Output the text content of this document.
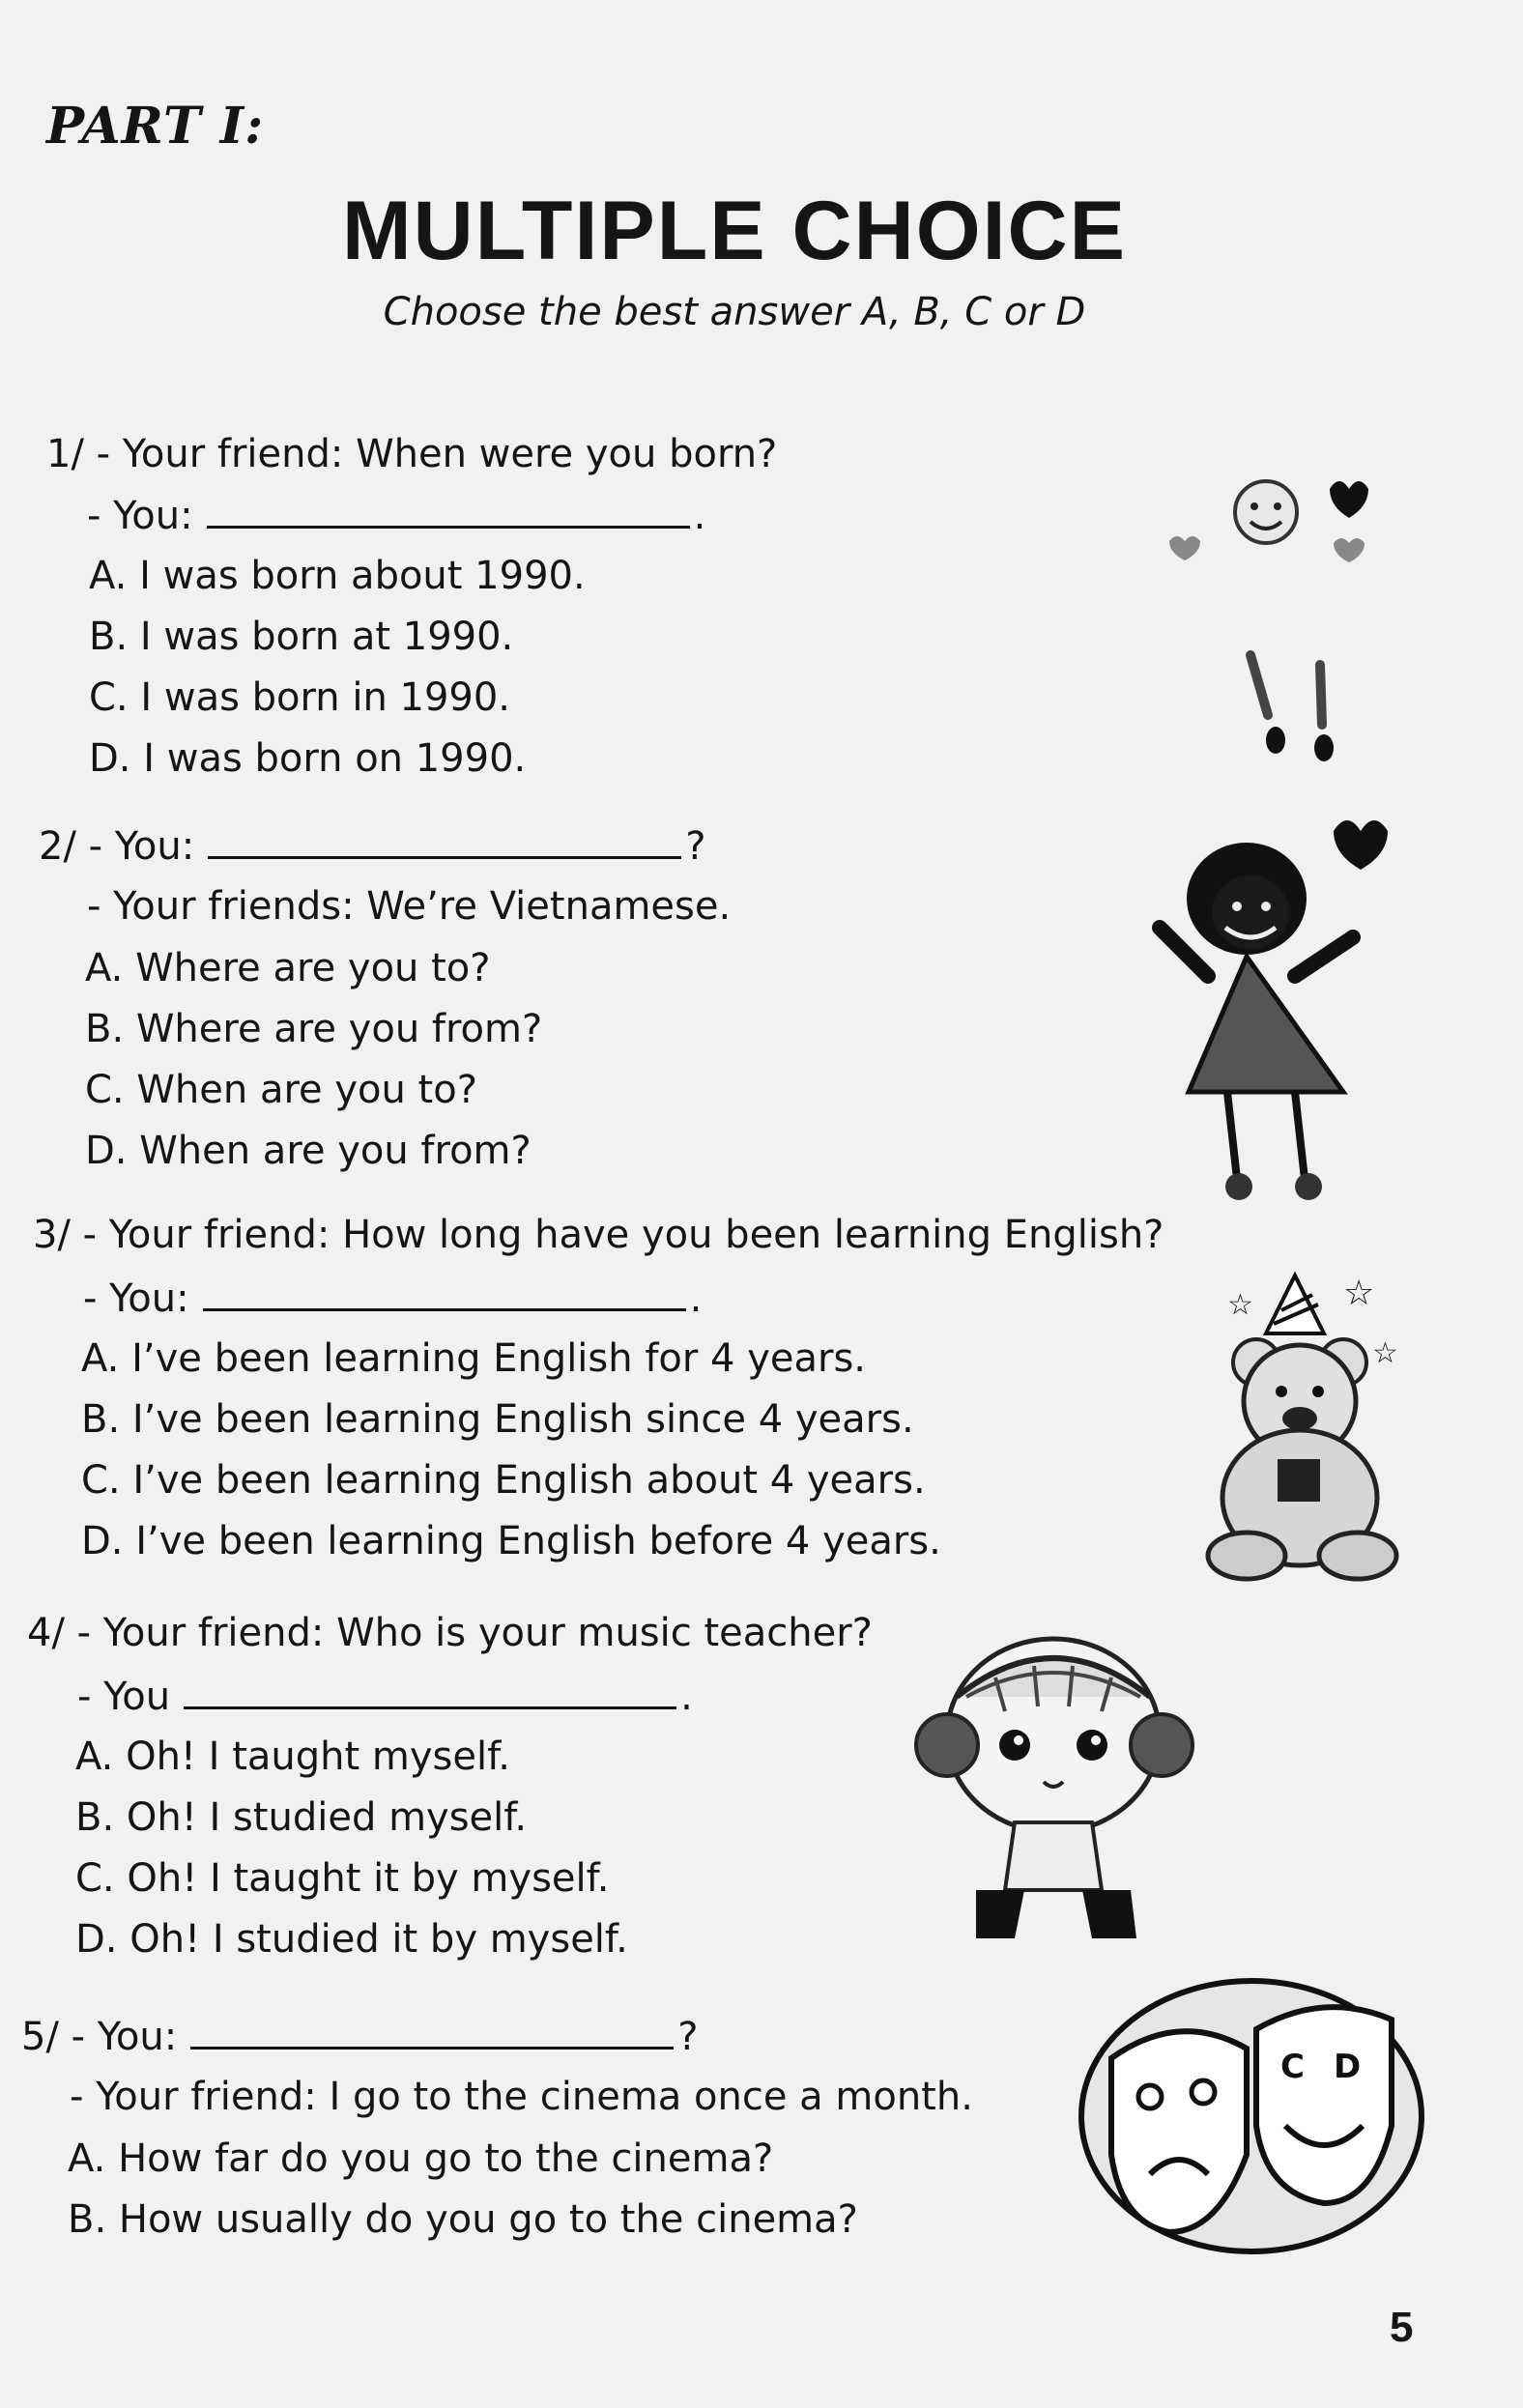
PART I:
MULTIPLE CHOICE
Choose the best answer A, B, C or D
1/ - Your friend: When were you born?
- You:	.
A. I was born about 1990.
B. I was born at 1990.
C. I was born in 1990.
D. I was born on 1990.
2/ - You:	?
- Your friends: We’re Vietnamese.
A. Where are you to?
B. Where are you from?
C. When are you to?
D. When are you from?
3/ - Your friend: How long have you been learning English?
- You:	.
A. I’ve been learning English for 4 years.
B. I’ve been learning English since 4 years.
C. I’ve been learning English about 4 years.
D. I’ve been learning English before 4 years.
4/ - Your friend: Who is your music teacher?
- You	.
A. Oh! I taught myself.
B. Oh! I studied myself.
C. Oh! I taught it by myself.
D. Oh! I studied it by myself.
5/ - You:	?
- Your friend: I go to the cinema once a month.
A. How far do you go to the cinema?
B. How usually do you go to the cinema?
5
☆
☆
☆
C D
